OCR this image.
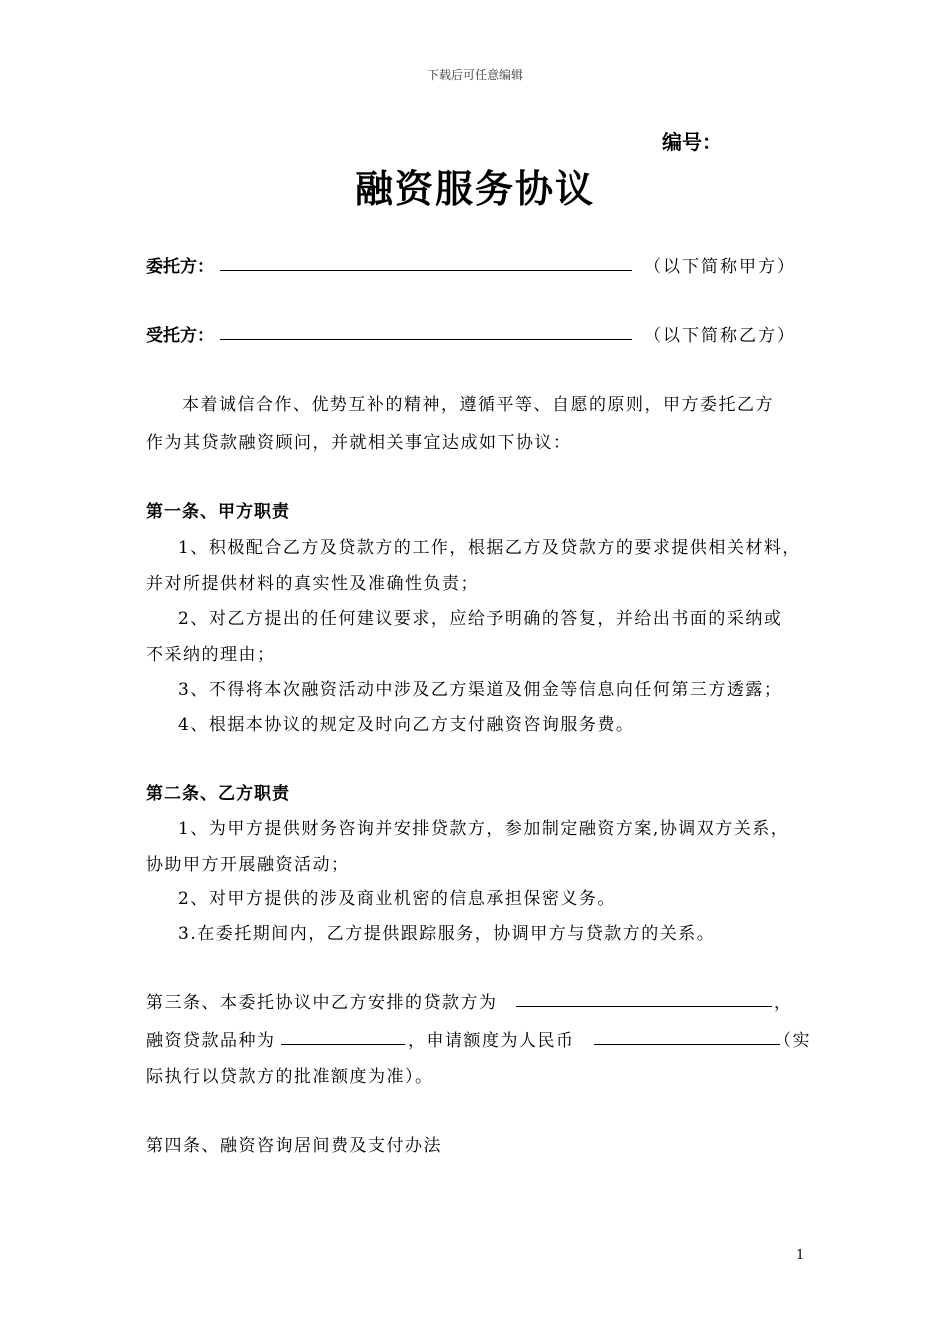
下载后可任意编辑
编号：
融资服务协议
委托方：	（以下简称甲方）
受托方：	（以下简称乙方）
本着诚信合作、优势互补的精神，遵循平等、自愿的原则，甲方委托乙方
作为其贷款融资顾问，并就相关事宜达成如下协议：
第一条、甲方职责
1、积极配合乙方及贷款方的工作，根据乙方及贷款方的要求提供相关材料，
并对所提供材料的真实性及准确性负责；
2、对乙方提出的任何建议要求，应给予明确的答复，并给出书面的采纳或
不采纳的理由；
3、不得将本次融资活动中涉及乙方渠道及佣金等信息向任何第三方透露；
4、根据本协议的规定及时向乙方支付融资咨询服务费。
第二条、乙方职责
1、为甲方提供财务咨询并安排贷款方，参加制定融资方案,协调双方关系，
协助甲方开展融资活动；
2、对甲方提供的涉及商业机密的信息承担保密义务。
3.在委托期间内，乙方提供跟踪服务，协调甲方与贷款方的关系。
第三条、本委托协议中乙方安排的贷款方为	，
融资贷款品种为	，申请额度为人民币	（实
际执行以贷款方的批准额度为准）。
第四条、融资咨询居间费及支付办法
1
